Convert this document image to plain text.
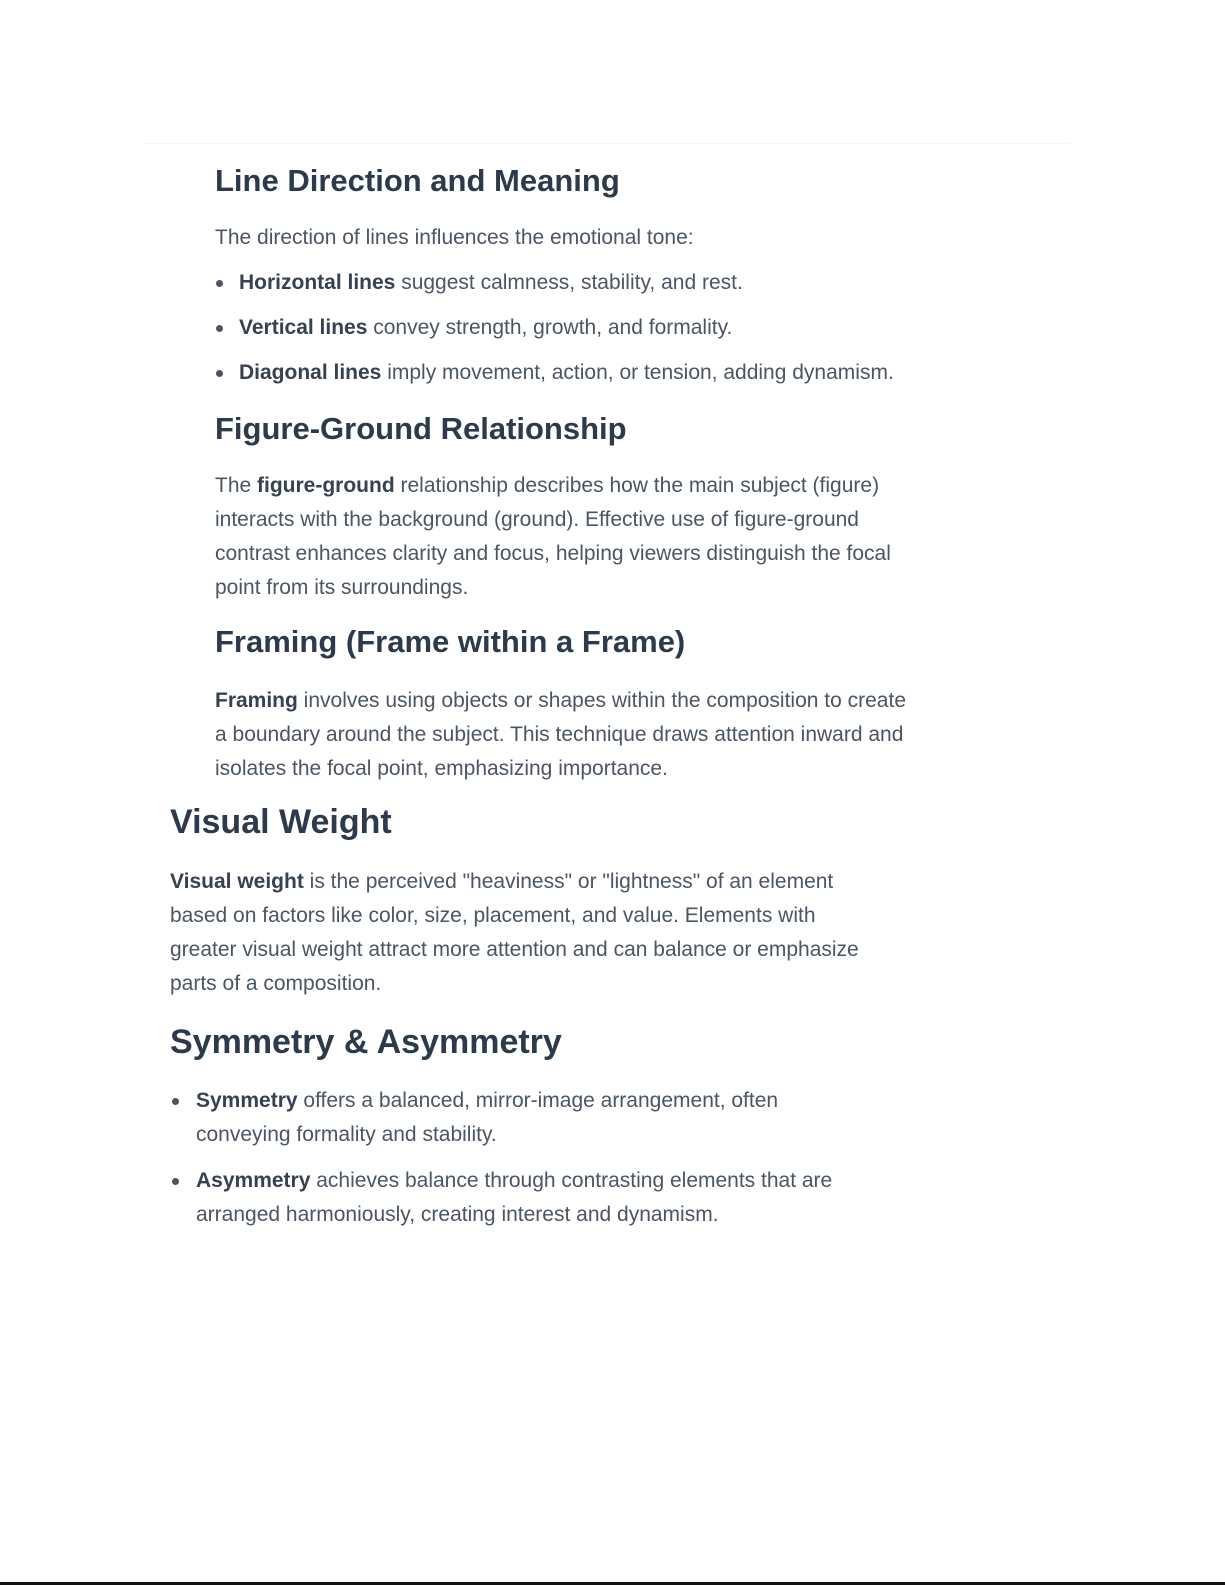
Line Direction and Meaning

The direction of lines influences the emotional tone:

Horizontal lines suggest calmness, stability, and rest.

Vertical lines convey strength, growth, and formality.

Diagonal lines imply movement, action, or tension, adding dynamism.

Figure-Ground Relationship

The figure-ground relationship describes how the main subject (figure)
interacts with the background (ground). Effective use of figure-ground
contrast enhances clarity and focus, helping viewers distinguish the focal
point from its surroundings.

Framing (Frame within a Frame)

Framing involves using objects or shapes within the composition to create
a boundary around the subject. This technique draws attention inward and
isolates the focal point, emphasizing importance.

Visual Weight

Visual weight is the perceived "heaviness" or "lightness" of an element
based on factors like color, size, placement, and value. Elements with
greater visual weight attract more attention and can balance or emphasize
parts of a composition.

Symmetry & Asymmetry

Symmetry offers a balanced, mirror-image arrangement, often
conveying formality and stability.

Asymmetry achieves balance through contrasting elements that are
arranged harmoniously, creating interest and dynamism.
